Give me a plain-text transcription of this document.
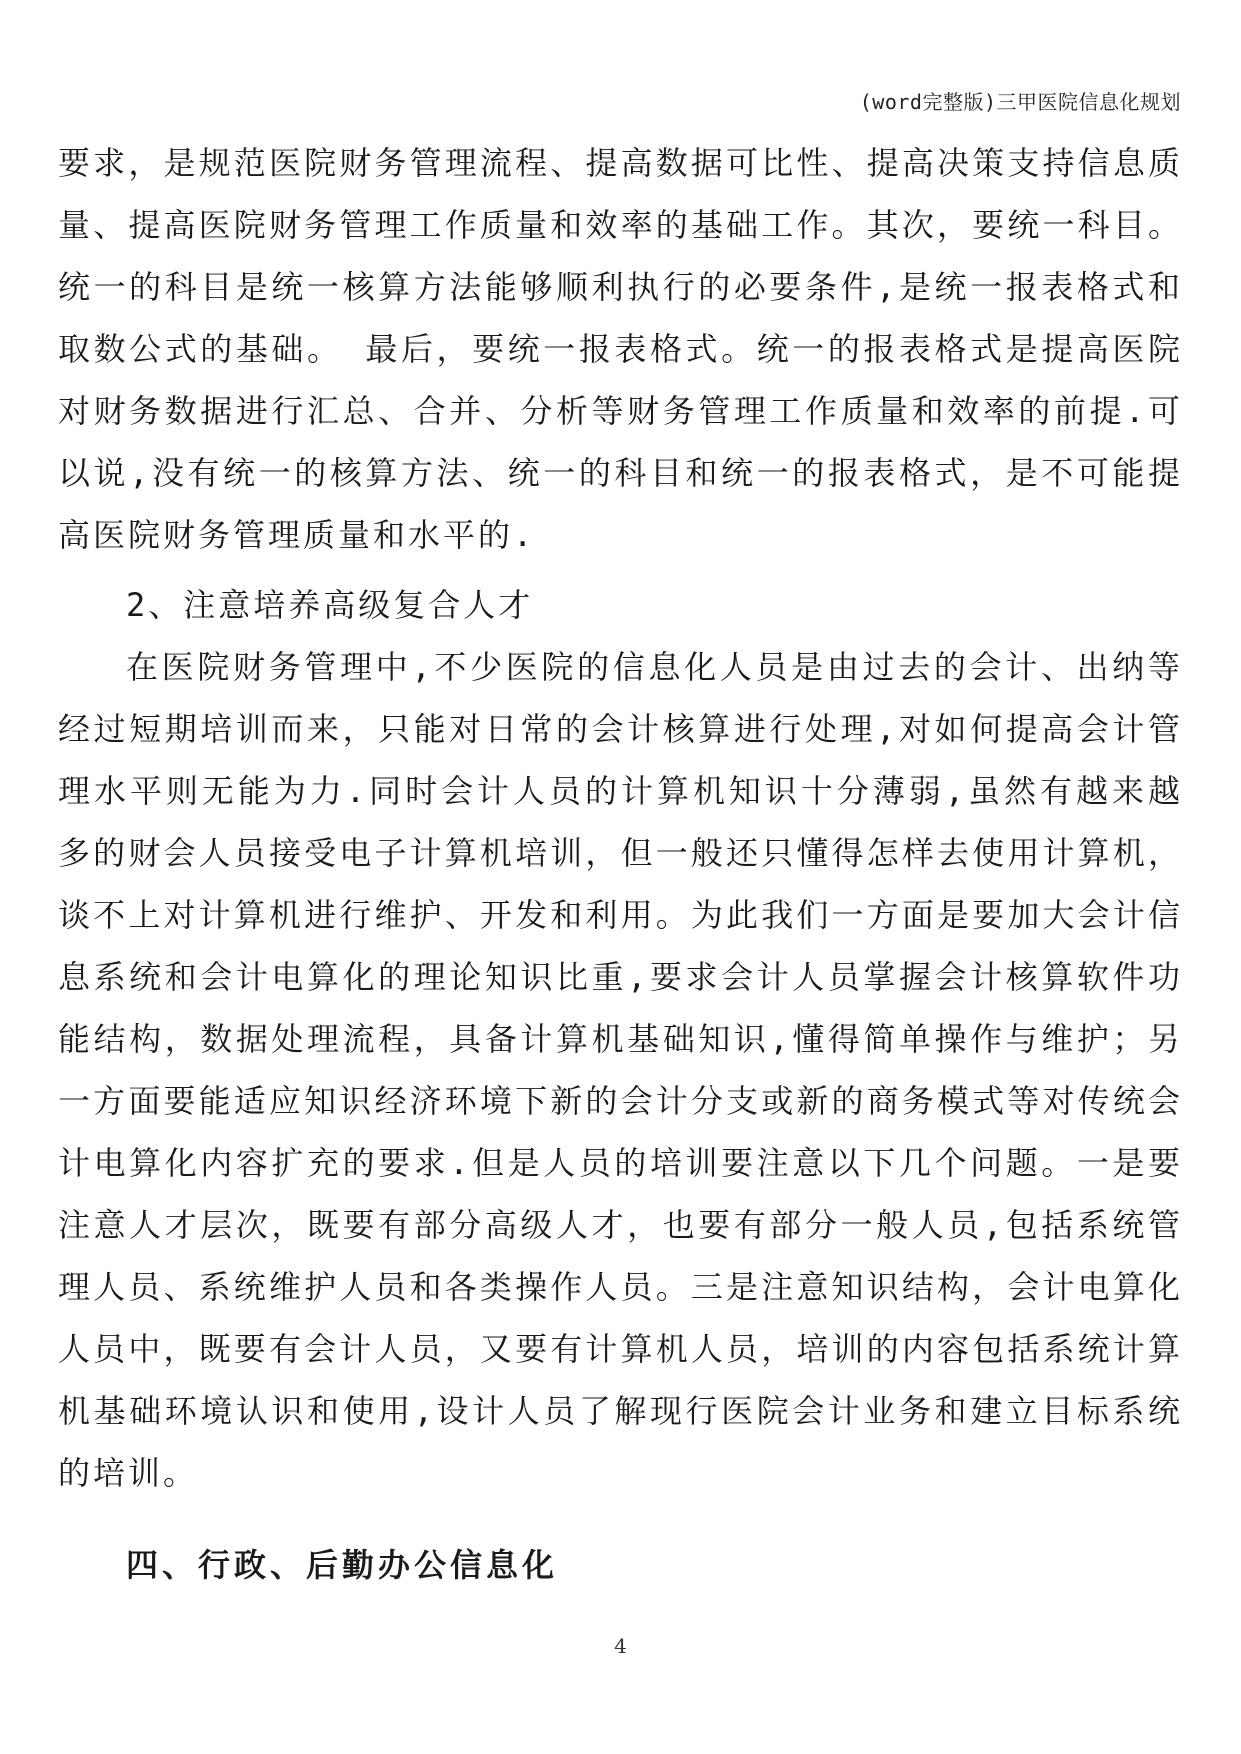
(word完整版)三甲医院信息化规划

要求，是规范医院财务管理流程、提高数据可比性、提高决策支持信息质量、提高医院财务管理工作质量和效率的基础工作。其次，要统一科目。统一的科目是统一核算方法能够顺利执行的必要条件,是统一报表格式和取数公式的基础。 最后，要统一报表格式。统一的报表格式是提高医院对财务数据进行汇总、合并、分析等财务管理工作质量和效率的前提.可以说,没有统一的核算方法、统一的科目和统一的报表格式，是不可能提高医院财务管理质量和水平的.

2、注意培养高级复合人才

在医院财务管理中,不少医院的信息化人员是由过去的会计、出纳等经过短期培训而来，只能对日常的会计核算进行处理,对如何提高会计管理水平则无能为力.同时会计人员的计算机知识十分薄弱,虽然有越来越多的财会人员接受电子计算机培训，但一般还只懂得怎样去使用计算机，谈不上对计算机进行维护、开发和利用。为此我们一方面是要加大会计信息系统和会计电算化的理论知识比重,要求会计人员掌握会计核算软件功能结构，数据处理流程，具备计算机基础知识,懂得简单操作与维护；另一方面要能适应知识经济环境下新的会计分支或新的商务模式等对传统会计电算化内容扩充的要求.但是人员的培训要注意以下几个问题。一是要注意人才层次，既要有部分高级人才，也要有部分一般人员,包括系统管理人员、系统维护人员和各类操作人员。三是注意知识结构，会计电算化人员中，既要有会计人员，又要有计算机人员，培训的内容包括系统计算机基础环境认识和使用,设计人员了解现行医院会计业务和建立目标系统的培训。

四、行政、后勤办公信息化

4
